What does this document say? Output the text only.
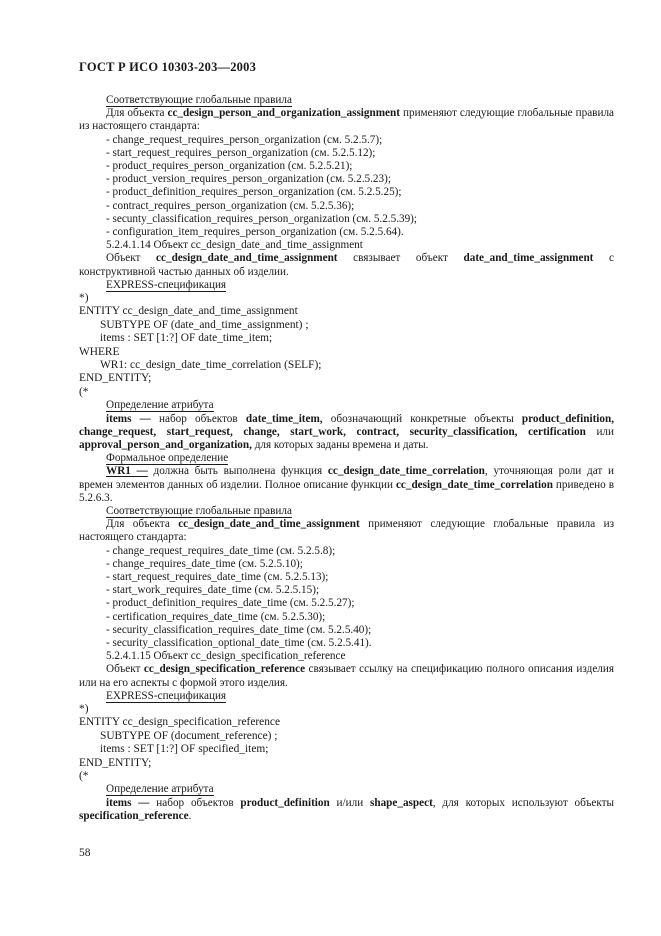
ГОСТ Р ИСО 10303-203—2003
Соответствующие глобальные правила
Для объекта cc_design_person_and_organization_assignment применяют следующие глобальные правила из настоящего стандарта:
- change_request_requires_person_organization (см. 5.2.5.7);
- start_request_requires_person_organization (см. 5.2.5.12);
- product_requires_person_organization (см. 5.2.5.21);
- product_version_requires_person_organization (см. 5.2.5.23);
- product_definition_requires_person_organization (см. 5.2.5.25);
- contract_requires_person_organization (см. 5.2.5.36);
- secunty_classification_requires_person_organization (см. 5.2.5.39);
- configuration_item_requires_person_organization (см. 5.2.5.64).
5.2.4.1.14 Объект cc_design_date_and_time_assignment
Объект cc_design_date_and_time_assignment связывает объект date_and_time_assignment с конструктивной частью данных об изделии.
EXPRESS-спецификация
*)
ENTITY cc_design_date_and_time_assignment
SUBTYPE OF (date_and_time_assignment) ;
items : SET [1:?] OF date_time_item;
WHERE
WR1: cc_design_date_time_correlation (SELF);
END_ENTITY;
(*
Определение атрибута
items — набор объектов date_time_item, обозначающий конкретные объекты product_definition, change_request, start_request, change, start_work, contract, security_classification, certification или approval_person_and_organization, для которых заданы времена и даты.
Формальное определение
WR1 — должна быть выполнена функция cc_design_date_time_correlation, уточняющая роли дат и времен элементов данных об изделии. Полное описание функции cc_design_date_time_correlation приведено в 5.2.6.3.
Соответствующие глобальные правила
Для объекта cc_design_date_and_time_assignment применяют следующие глобальные правила из настоящего стандарта:
- change_request_requires_date_time (см. 5.2.5.8);
- change_requires_date_time (см. 5.2.5.10);
- start_request_requires_date_time (см. 5.2.5.13);
- start_work_requires_date_time (см. 5.2.5.15);
- product_definition_requires_date_time (см. 5.2.5.27);
- certification_requires_date_time (см. 5.2.5.30);
- security_classification_requires_date_time (см. 5.2.5.40);
- security_classification_optional_date_time (см. 5.2.5.41).
5.2.4.1.15 Объект cc_design_specification_reference
Объект cc_design_specification_reference связывает ссылку на спецификацию полного описания изделия или на его аспекты с формой этого изделия.
EXPRESS-спецификация
*)
ENTITY cc_design_specification_reference
SUBTYPE OF (document_reference) ;
items : SET [1:?] OF specified_item;
END_ENTITY;
(*
Определение атрибута
items — набор объектов product_definition и/или shape_aspect, для которых используют объекты specification_reference.
58
